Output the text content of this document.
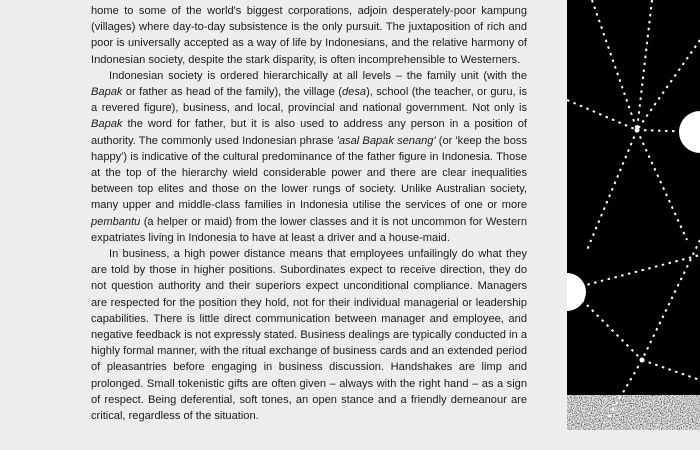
home to some of the world's biggest corporations, adjoin desperately-poor kampung (villages) where day-to-day subsistence is the only pursuit. The juxtaposition of rich and poor is universally accepted as a way of life by Indonesians, and the relative harmony of Indonesian society, despite the stark disparity, is often incomprehensible to Westerners.

Indonesian society is ordered hierarchically at all levels – the family unit (with the Bapak or father as head of the family), the village (desa), school (the teacher, or guru, is a revered figure), business, and local, provincial and national government. Not only is Bapak the word for father, but it is also used to address any person in a position of authority. The commonly used Indonesian phrase 'asal Bapak senang' (or 'keep the boss happy') is indicative of the cultural predominance of the father figure in Indonesia. Those at the top of the hierarchy wield considerable power and there are clear inequalities between top elites and those on the lower rungs of society. Unlike Australian society, many upper and middle-class families in Indonesia utilise the services of one or more pembantu (a helper or maid) from the lower classes and it is not uncommon for Western expatriates living in Indonesia to have at least a driver and a house-maid.

In business, a high power distance means that employees unfailingly do what they are told by those in higher positions. Subordinates expect to receive direction, they do not question authority and their superiors expect unconditional compliance. Managers are respected for the position they hold, not for their individual managerial or leadership capabilities. There is little direct communication between manager and employee, and negative feedback is not expressly stated. Business dealings are typically conducted in a highly formal manner, with the ritual exchange of business cards and an extended period of pleasantries before engaging in business discussion. Handshakes are limp and prolonged. Small tokenistic gifts are often given – always with the right hand – as a sign of respect. Being deferential, soft tones, an open stance and a friendly demeanour are critical, regardless of the situation.
